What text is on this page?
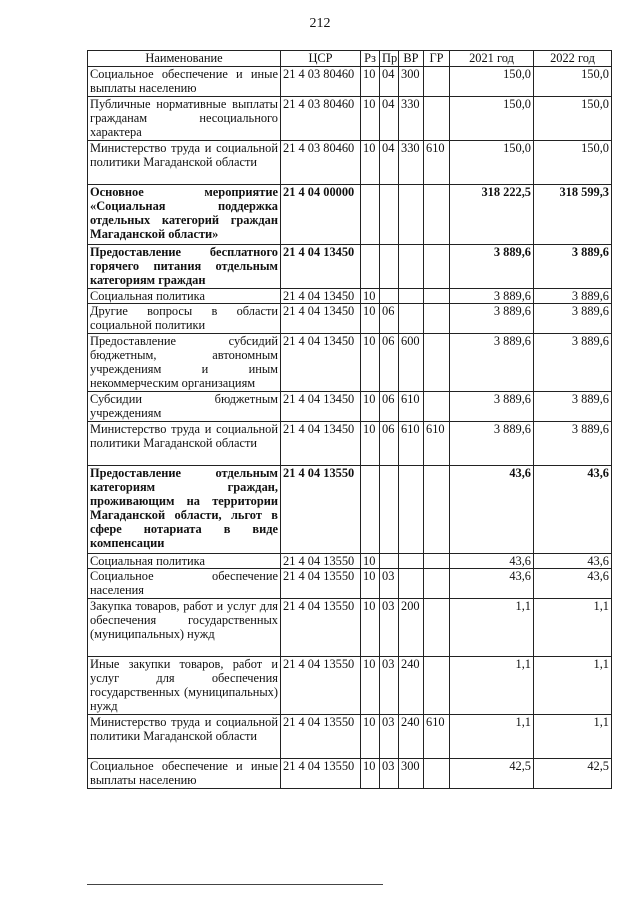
212
Наименование	ЦСР	Рз	Пр	ВР	ГР	2021 год	2022 год
Социальное обеспечение и иные выплаты населению	21 4 03 80460	10	04	300		150,0	150,0
Публичные нормативные выплаты гражданам несоциального характера	21 4 03 80460	10	04	330		150,0	150,0
Министерство труда и социальной политики Магаданской области	21 4 03 80460	10	04	330	610	150,0	150,0
Основное мероприятие «Социальная поддержка отдельных категорий граждан Магаданской области»	21 4 04 00000					318 222,5	318 599,3
Предоставление бесплатного горячего питания отдельным категориям граждан	21 4 04 13450					3 889,6	3 889,6
Социальная политика	21 4 04 13450	10				3 889,6	3 889,6
Другие вопросы в области социальной политики	21 4 04 13450	10	06			3 889,6	3 889,6
Предоставление субсидий бюджетным, автономным учреждениям и иным некоммерческим организациям	21 4 04 13450	10	06	600		3 889,6	3 889,6
Субсидии бюджетным учреждениям	21 4 04 13450	10	06	610		3 889,6	3 889,6
Министерство труда и социальной политики Магаданской области	21 4 04 13450	10	06	610	610	3 889,6	3 889,6
Предоставление отдельным категориям граждан, проживающим на территории Магаданской области, льгот в сфере нотариата в виде компенсации	21 4 04 13550					43,6	43,6
Социальная политика	21 4 04 13550	10				43,6	43,6
Социальное обеспечение населения	21 4 04 13550	10	03			43,6	43,6
Закупка товаров, работ и услуг для обеспечения государственных (муниципальных) нужд	21 4 04 13550	10	03	200		1,1	1,1
Иные закупки товаров, работ и услуг для обеспечения государственных (муниципальных) нужд	21 4 04 13550	10	03	240		1,1	1,1
Министерство труда и социальной политики Магаданской области	21 4 04 13550	10	03	240	610	1,1	1,1
Социальное обеспечение и иные выплаты населению	21 4 04 13550	10	03	300		42,5	42,5
